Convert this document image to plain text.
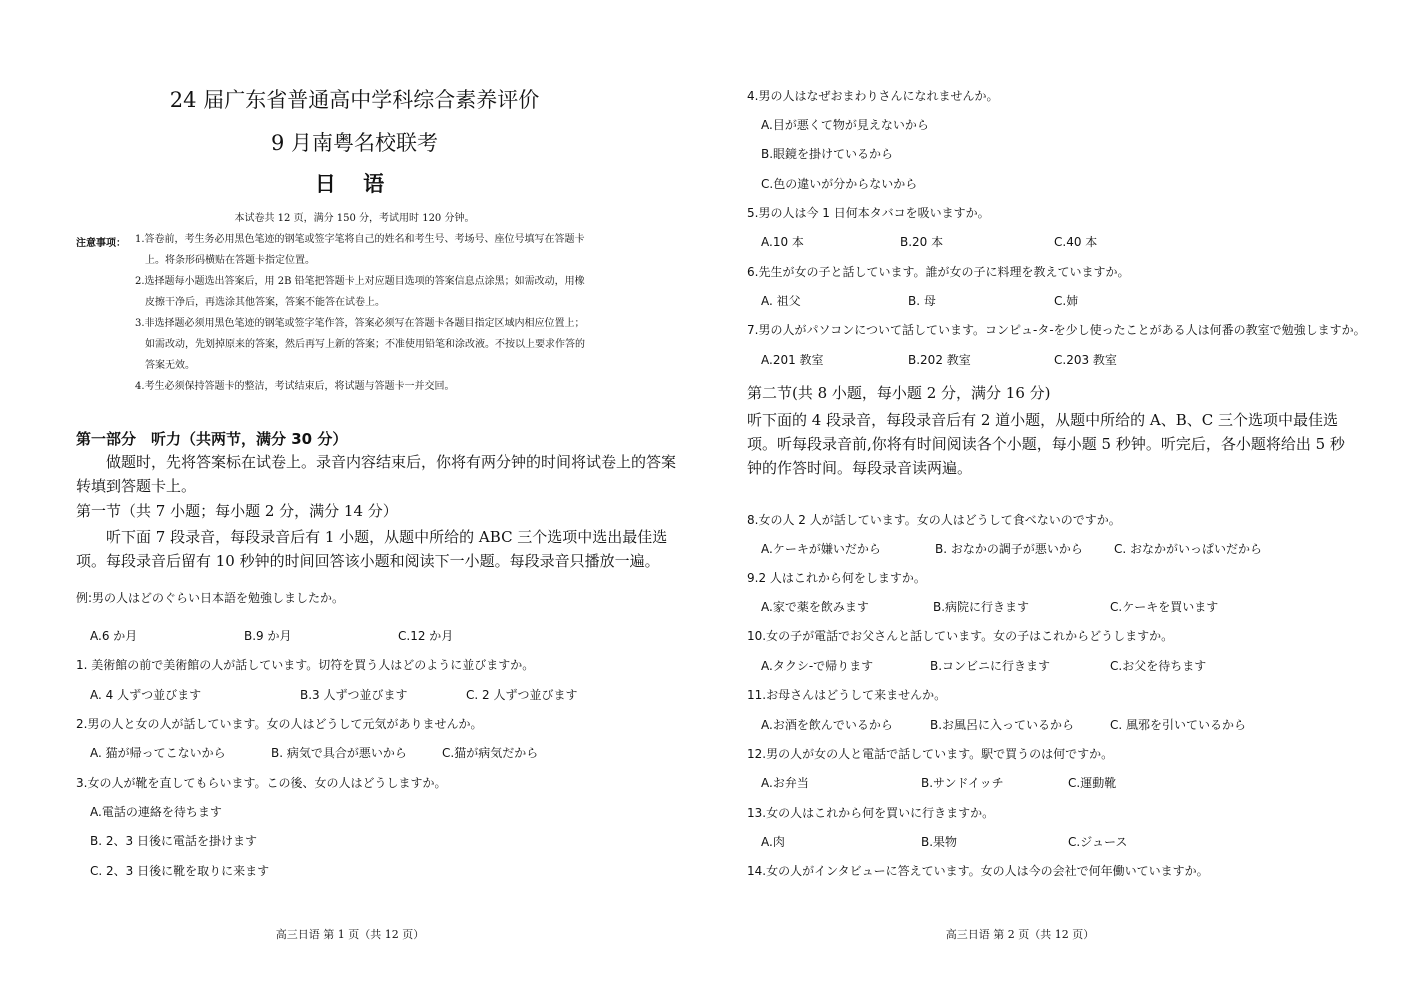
24 届广东省普通高中学科综合素养评价
9 月南粤名校联考
日 语
本试卷共 12 页，满分 150 分，考试用时 120 分钟。
注意事项： 1.答卷前，考生务必用黑色笔迹的钢笔或签字笔将自己的姓名和考生号、考场号、座位号填写在答题卡

上。将条形码横贴在答题卡指定位置。

2.选择题每小题选出答案后，用 2B 铅笔把答题卡上对应题目选项的答案信息点涂黑；如需改动，用橡

皮擦干净后，再选涂其他答案，答案不能答在试卷上。

3.非选择题必须用黑色笔迹的钢笔或签字笔作答，答案必须写在答题卡各题目指定区域内相应位置上；

如需改动，先划掉原来的答案，然后再写上新的答案；不准使用铅笔和涂改液。不按以上要求作答的

答案无效。

4.考生必须保持答题卡的整洁，考试结束后，将试题与答题卡一并交回。

第一部分　听力（共两节，满分 30 分）

做题时，先将答案标在试卷上。录音内容结束后，你将有两分钟的时间将试卷上的答案转填到答题卡上。

第一节（共 7 小题；每小题 2 分，满分 14 分）

听下面 7 段录音，每段录音后有 1 小题，从题中所给的 ABC 三个选项中选出最佳选项。每段录音后留有 10 秒钟的时间回答该小题和阅读下一小题。每段录音只播放一遍。

例:男の人はどのぐらい日本語を勉強しましたか。
A.6 か月	B.9 か月	C.12 か月
1. 美術館の前で美術館の人が話しています。切符を買う人はどのように並びますか。
A. 4 人ずつ並びます	B.3 人ずつ並びます	C. 2 人ずつ並びます
2.男の人と女の人が話しています。女の人はどうして元気がありませんか。
A. 猫が帰ってこないから	B. 病気で具合が悪いから	C.猫が病気だから
3.女の人が靴を直してもらいます。この後、女の人はどうしますか。
A.電話の連絡を待ちます
B. 2、3 日後に電話を掛けます
C. 2、3 日後に靴を取りに来ます
高三日语 第 1 页（共 12 页）
4.男の人はなぜおまわりさんになれませんか。
A.目が悪くて物が見えないから
B.眼鏡を掛けているから
C.色の違いが分からないから
5.男の人は今 1 日何本タバコを吸いますか。
A.10 本	B.20 本	C.40 本
6.先生が女の子と話しています。誰が女の子に料理を教えていますか。
A. 祖父	B. 母	C.姉
7.男の人がパソコンについて話しています。コンピュ-タ-を少し使ったことがある人は何番の教室で勉強しますか。
A.201 教室	B.202 教室	C.203 教室
第二节(共 8 小题，每小题 2 分，满分 16 分)

听下面的 4 段录音，每段录音后有 2 道小题，从题中所给的 A、B、C 三个选项中最佳选项。听每段录音前,你将有时间阅读各个小题，每小题 5 秒钟。听完后，各小题将给出 5 秒钟的作答时间。每段录音读两遍。

8.女の人 2 人が話しています。女の人はどうして食べないのですか。
A.ケーキが嫌いだから	B. おなかの調子が悪いから	C. おなかがいっぱいだから
9.2 人はこれから何をしますか。
A.家で薬を飲みます	B.病院に行きます	C.ケーキを買います
10.女の子が電話でお父さんと話しています。女の子はこれからどうしますか。
A.タクシ-で帰ります	B.コンビニに行きます	C.お父を待ちます
11.お母さんはどうして来ませんか。
A.お酒を飲んでいるから	B.お風呂に入っているから	C. 風邪を引いているから
12.男の人が女の人と電話で話しています。駅で買うのは何ですか。
A.お弁当	B.サンドイッチ	C.運動靴
13.女の人はこれから何を買いに行きますか。
A.肉	B.果物	C.ジュース
14.女の人がインタビューに答えています。女の人は今の会社で何年働いていますか。
高三日语 第 2 页（共 12 页）
